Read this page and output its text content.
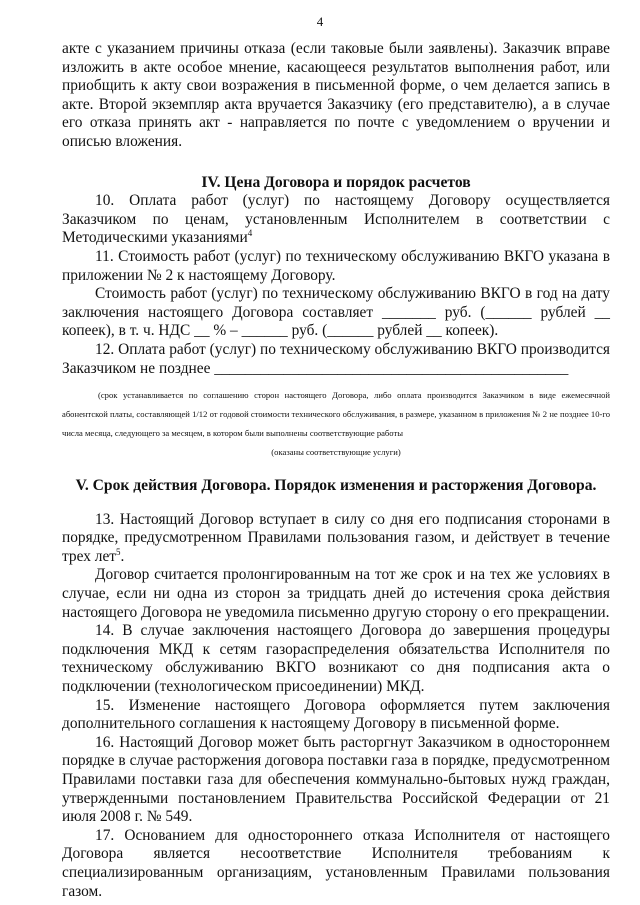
4

акте с указанием причины отказа (если таковые были заявлены). Заказчик вправе изложить в акте особое мнение, касающееся результатов выполнения работ, или приобщить к акту свои возражения в письменной форме, о чем делается запись в акте. Второй экземпляр акта вручается Заказчику (его представителю), а в случае его отказа принять акт - направляется по почте с уведомлением о вручении и описью вложения.

IV. Цена Договора и порядок расчетов

10. Оплата работ (услуг) по настоящему Договору осуществляется Заказчиком по ценам, установленным Исполнителем в соответствии с Методическими указаниями$^4$

11. Стоимость работ (услуг) по техническому обслуживанию ВКГО указана в приложении № 2 к настоящему Договору.

Стоимость работ (услуг) по техническому обслуживанию ВКГО в год на дату заключения настоящего Договора составляет _______ руб. (______ рублей __ копеек), в т. ч. НДС __ % – ______ руб. (______ рублей __ копеек).

12. Оплата работ (услуг) по техническому обслуживанию ВКГО производится Заказчиком не позднее ______________________________________________

(срок устанавливается по соглашению сторон настоящего Договора, либо оплата производится Заказчиком в виде ежемесячной абонентской платы, составляющей 1/12 от годовой стоимости технического обслуживания, в размере, указанном в приложения № 2 не позднее 10-го числа месяца, следующего за месяцем, в котором были выполнены соответствующие работы

(оказаны соответствующие услуги)

V. Срок действия Договора. Порядок изменения и расторжения Договора.

13. Настоящий Договор вступает в силу со дня его подписания сторонами в порядке, предусмотренном Правилами пользования газом, и действует в течение трех лет$^5$.

Договор считается пролонгированным на тот же срок и на тех же условиях в случае, если ни одна из сторон за тридцать дней до истечения срока действия настоящего Договора не уведомила письменно другую сторону о его прекращении.

14. В случае заключения настоящего Договора до завершения процедуры подключения МКД к сетям газораспределения обязательства Исполнителя по техническому обслуживанию ВКГО возникают со дня подписания акта о подключении (технологическом присоединении) МКД.

15. Изменение настоящего Договора оформляется путем заключения дополнительного соглашения к настоящему Договору в письменной форме.

16. Настоящий Договор может быть расторгнут Заказчиком в одностороннем порядке в случае расторжения договора поставки газа в порядке, предусмотренном Правилами поставки газа для обеспечения коммунально-бытовых нужд граждан, утвержденными постановлением Правительства Российской Федерации от 21 июля 2008 г. № 549.

17. Основанием для одностороннего отказа Исполнителя от настоящего Договора является несоответствие Исполнителя требованиям к специализированным организациям, установленным Правилами пользования газом.
